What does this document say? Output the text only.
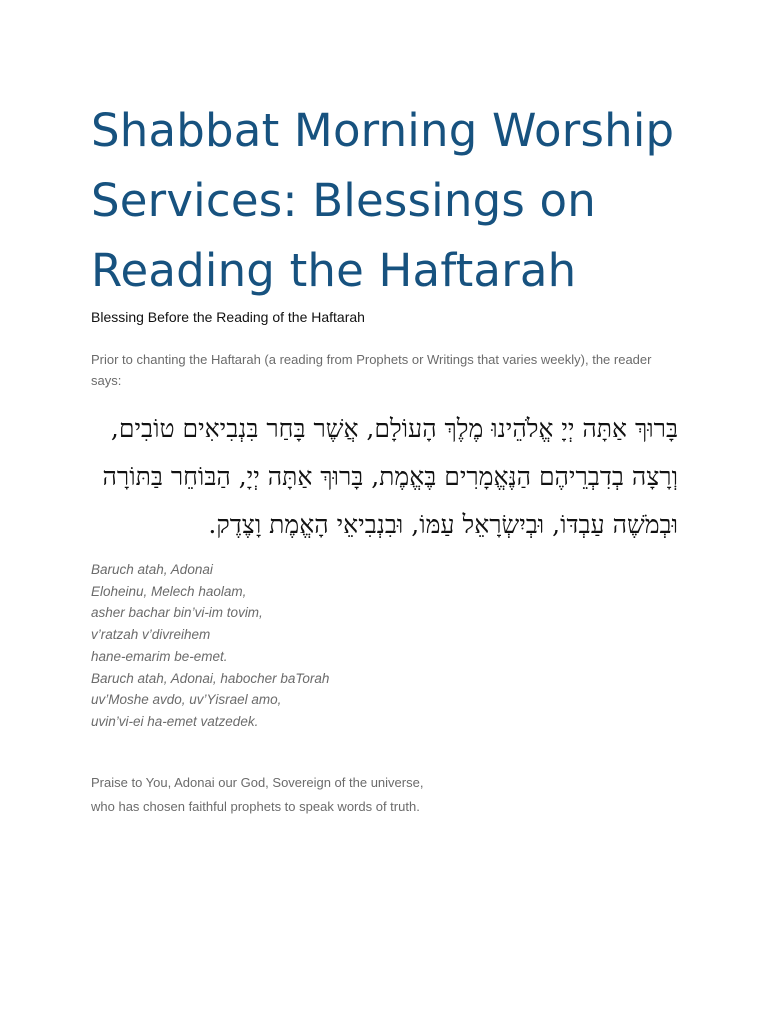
Shabbat Morning Worship Services: Blessings on Reading the Haftarah

Blessing Before the Reading of the Haftarah

Prior to chanting the Haftarah (a reading from Prophets or Writings that varies weekly), the reader says:

בָּרוּךְ אַתָּה יְיָ אֱלֹהֵינוּ מֶלֶךְ הָעוֹלָם, אֲשֶׁר בָּחַר בִּנְבִיאִים טוֹבִים, וְרָצָה בְדִבְרֵיהֶם הַנֶּאֱמָרִים בֶּאֱמֶת, בָּרוּךְ אַתָּה יְיָ, הַבּוֹחֵר בַּתּוֹרָה וּבְמֹשֶׁה עַבְדּוֹ, וּבְיִשְׂרָאֵל עַמּוֹ, וּבִנְבִיאֵי הָאֱמֶת וָצֶדֶק.

Baruch atah, Adonai
Eloheinu, Melech haolam,
asher bachar bin’vi-im tovim,
v’ratzah v’divreihem
hane-emarim be-emet.
Baruch atah, Adonai, habocher baTorah
uv’Moshe avdo, uv’Yisrael amo,
uvin’vi-ei ha-emet vatzedek.

Praise to You, Adonai our God, Sovereign of the universe,
who has chosen faithful prophets to speak words of truth.
